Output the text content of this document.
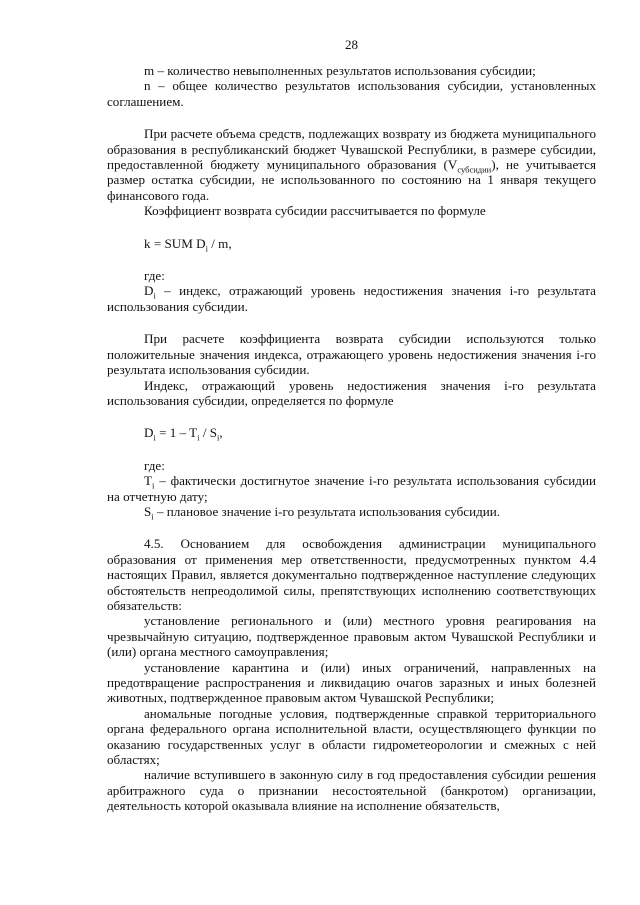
28

m – количество невыполненных результатов использования субсидии;

n – общее количество результатов использования субсидии, установленных соглашением.

При расчете объема средств, подлежащих возврату из бюджета муниципального образования в республиканский бюджет Чувашской Республики, в размере субсидии, предоставленной бюджету муниципального образования $(V_{субсидии})$, не учитывается размер остатка субсидии, не использованного по состоянию на 1 января текущего финансового года.

Коэффициент возврата субсидии рассчитывается по формуле

k = SUM $D_i$ / m,

где:

$D_i$ – индекс, отражающий уровень недостижения значения i-го результата использования субсидии.

При расчете коэффициента возврата субсидии используются только положительные значения индекса, отражающего уровень недостижения значения i-го результата использования субсидии.

Индекс, отражающий уровень недостижения значения i-го результата использования субсидии, определяется по формуле

$D_i = 1 - T_i / S_i$,

где:

$T_i$ – фактически достигнутое значение i-го результата использования субсидии на отчетную дату;

$S_i$ – плановое значение i-го результата использования субсидии.

4.5. Основанием для освобождения администрации муниципального образования от применения мер ответственности, предусмотренных пунктом 4.4 настоящих Правил, является документально подтвержденное наступление следующих обстоятельств непреодолимой силы, препятствующих исполнению соответствующих обязательств:

установление регионального и (или) местного уровня реагирования на чрезвычайную ситуацию, подтвержденное правовым актом Чувашской Республики и (или) органа местного самоуправления;

установление карантина и (или) иных ограничений, направленных на предотвращение распространения и ликвидацию очагов заразных и иных болезней животных, подтвержденное правовым актом Чувашской Республики;

аномальные погодные условия, подтвержденные справкой территориального органа федерального органа исполнительной власти, осуществляющего функции по оказанию государственных услуг в области гидрометеорологии и смежных с ней областях;

наличие вступившего в законную силу в год предоставления субсидии решения арбитражного суда о признании несостоятельной (банкротом) организации, деятельность которой оказывала влияние на исполнение обязательств,
